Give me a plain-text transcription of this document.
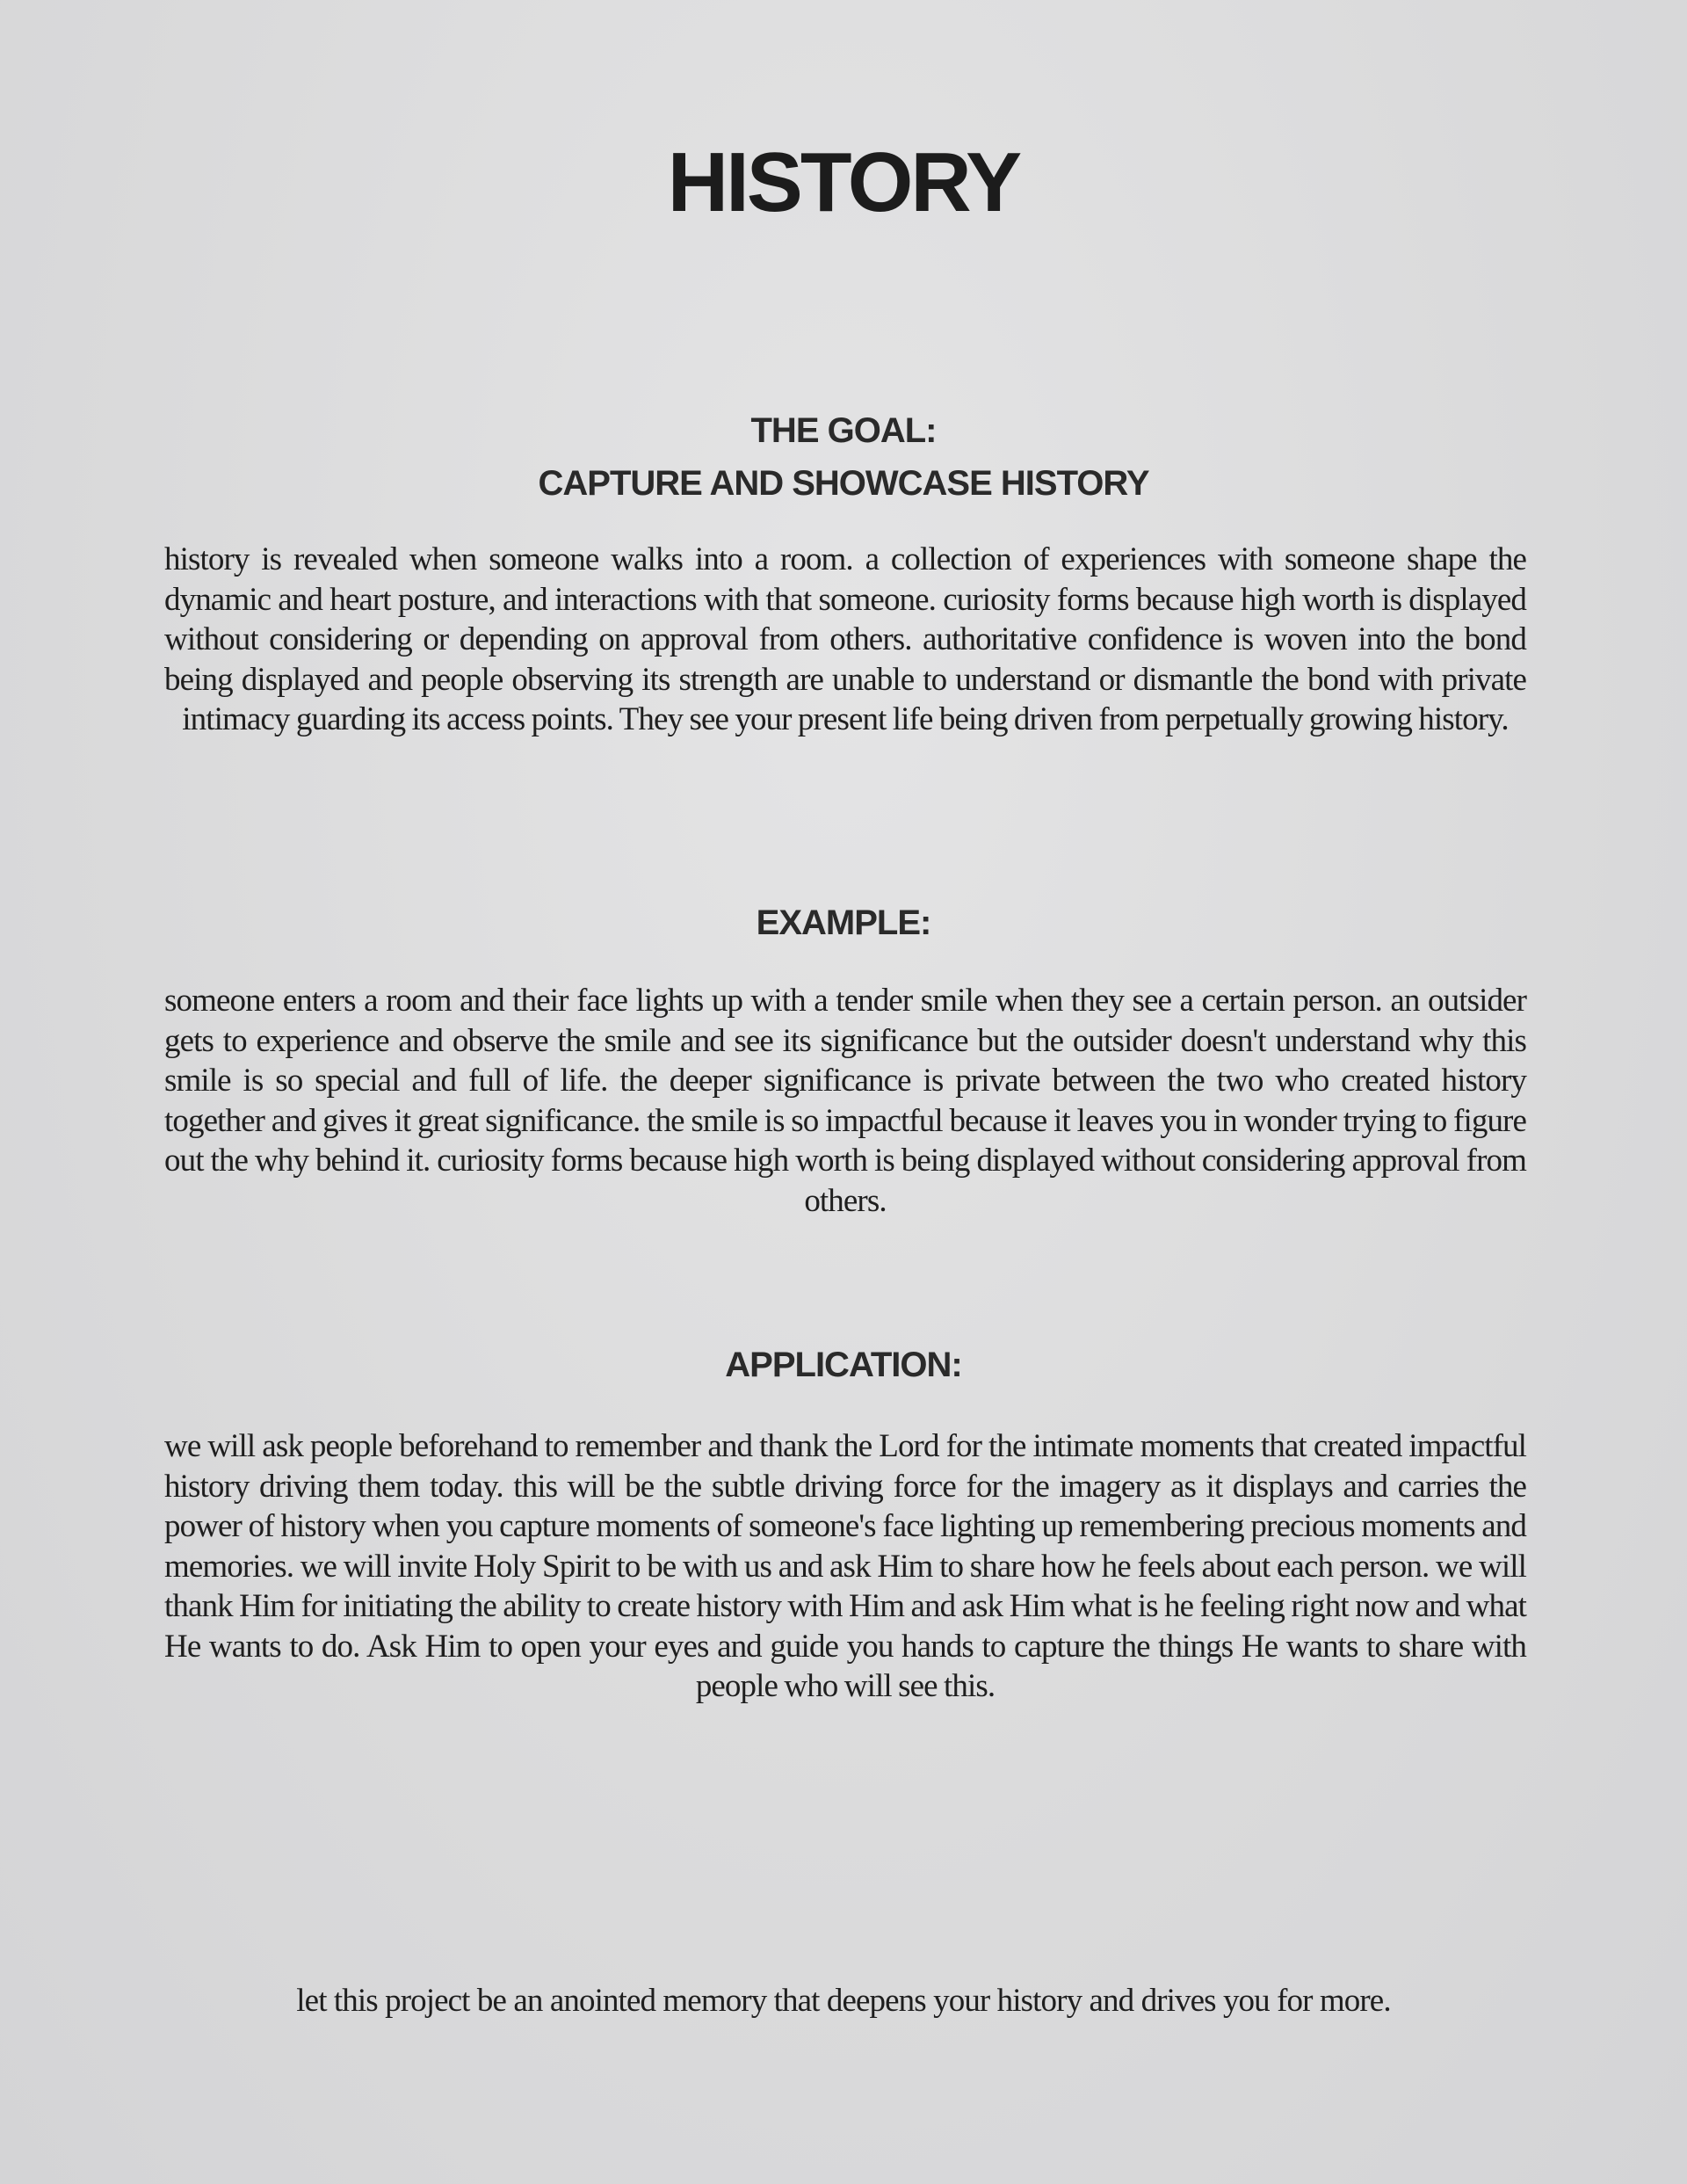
HISTORY
THE GOAL:
CAPTURE AND SHOWCASE HISTORY

history is revealed when someone walks into a room. a collection of experiences with someone shape the dynamic and heart posture, and interactions with that someone. curiosity forms because high worth is displayed without considering or depending on approval from others. authoritative confidence is woven into the bond being displayed and people observing its strength are unable to understand or dismantle the bond with private intimacy guarding its access points. They see your present life being driven from perpetually growing history.

EXAMPLE:

someone enters a room and their face lights up with a tender smile when they see a certain person. an outsider gets to experience and observe the smile and see its significance but the outsider doesn't understand why this smile is so special and full of life. the deeper significance is private between the two who created history together and gives it great significance. the smile is so impactful because it leaves you in wonder trying to figure out the why behind it. curiosity forms because high worth is being displayed without considering approval from others.

APPLICATION:

we will ask people beforehand to remember and thank the Lord for the intimate moments that created impactful history driving them today. this will be the subtle driving force for the imagery as it displays and carries the power of history when you capture moments of someone's face lighting up remembering precious moments and memories. we will invite Holy Spirit to be with us and ask Him to share how he feels about each person. we will thank Him for initiating the ability to create history with Him and ask Him what is he feeling right now and what He wants to do. Ask Him to open your eyes and guide you hands to capture the things He wants to share with people who will see this.

let this project be an anointed memory that deepens your history and drives you for more.
